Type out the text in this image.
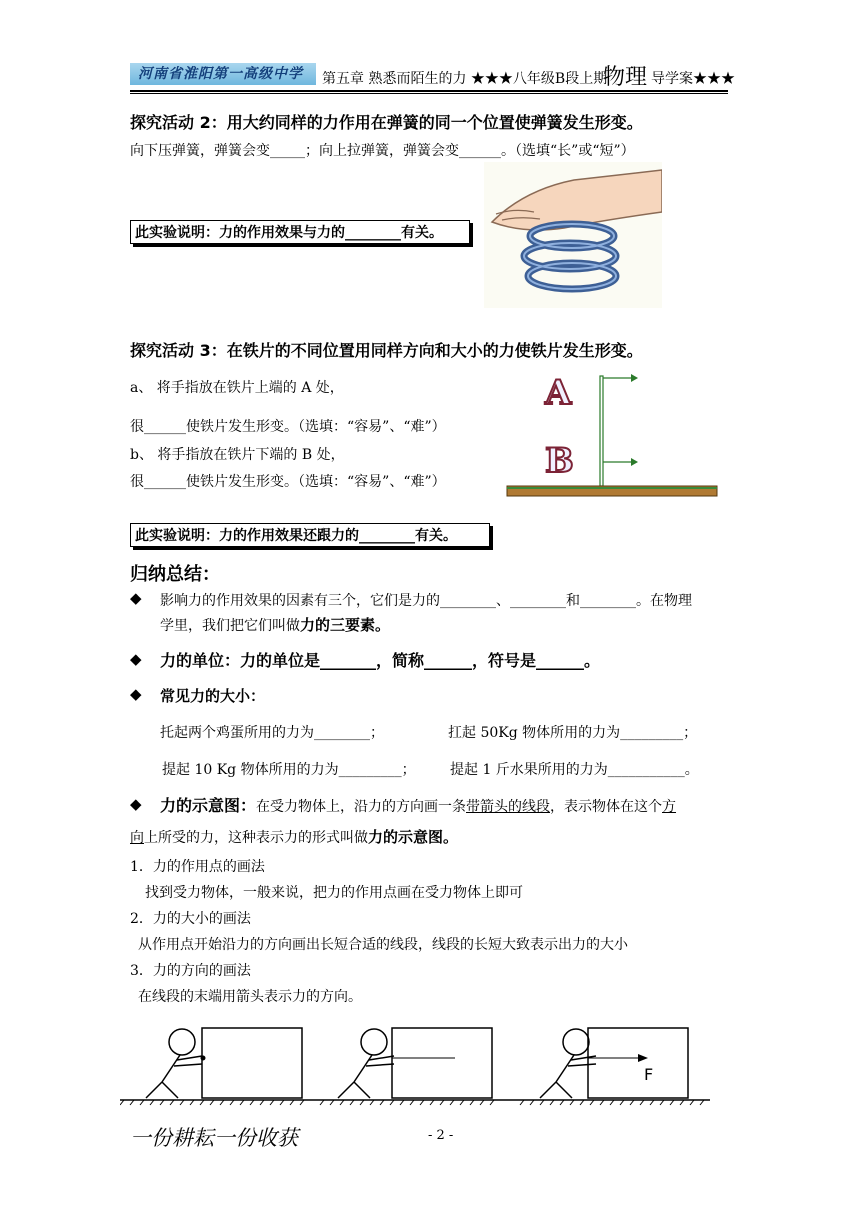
河南省淮阳第一高级中学	第五章 熟悉而陌生的力 ★★★八年级B段上期
物理 导学案★★★
探究活动 2：用大约同样的力作用在弹簧的同一个位置使弹簧发生形变。
向下压弹簧，弹簧会变_____；向上拉弹簧，弹簧会变______。（选填“长”或“短”）
此实验说明：力的作用效果与力的________有关。
探究活动 3：在铁片的不同位置用同样方向和大小的力使铁片发生形变。
a、 将手指放在铁片上端的 A 处，
很______使铁片发生形变。（选填：“容易”、“难”）
b、 将手指放在铁片下端的 B 处，
很______使铁片发生形变。（选填：“容易”、“难”）
A
B
此实验说明：力的作用效果还跟力的________有关。
归纳总结：
◆ 影响力的作用效果的因素有三个，它们是力的________、________和________。在物理
学里，我们把它们叫做力的三要素。
◆ 力的单位：力的单位是_______，简称______，符号是______。
◆ 常见力的大小：
托起两个鸡蛋所用的力为________；	扛起 50Kg 物体所用的力为_________；
提起 10 Kg 物体所用的力为_________； 提起 1 斤水果所用的力为___________。
◆ 力的示意图：在受力物体上，沿力的方向画一条带箭头的线段，表示物体在这个方
向上所受的力，这种表示力的形式叫做力的示意图。
1．力的作用点的画法
找到受力物体，一般来说，把力的作用点画在受力物体上即可
2．力的大小的画法
从作用点开始沿力的方向画出长短合适的线段，线段的长短大致表示出力的大小
3．力的方向的画法
在线段的末端用箭头表示力的方向。
F
一份耕耘一份收获	- 2 -
